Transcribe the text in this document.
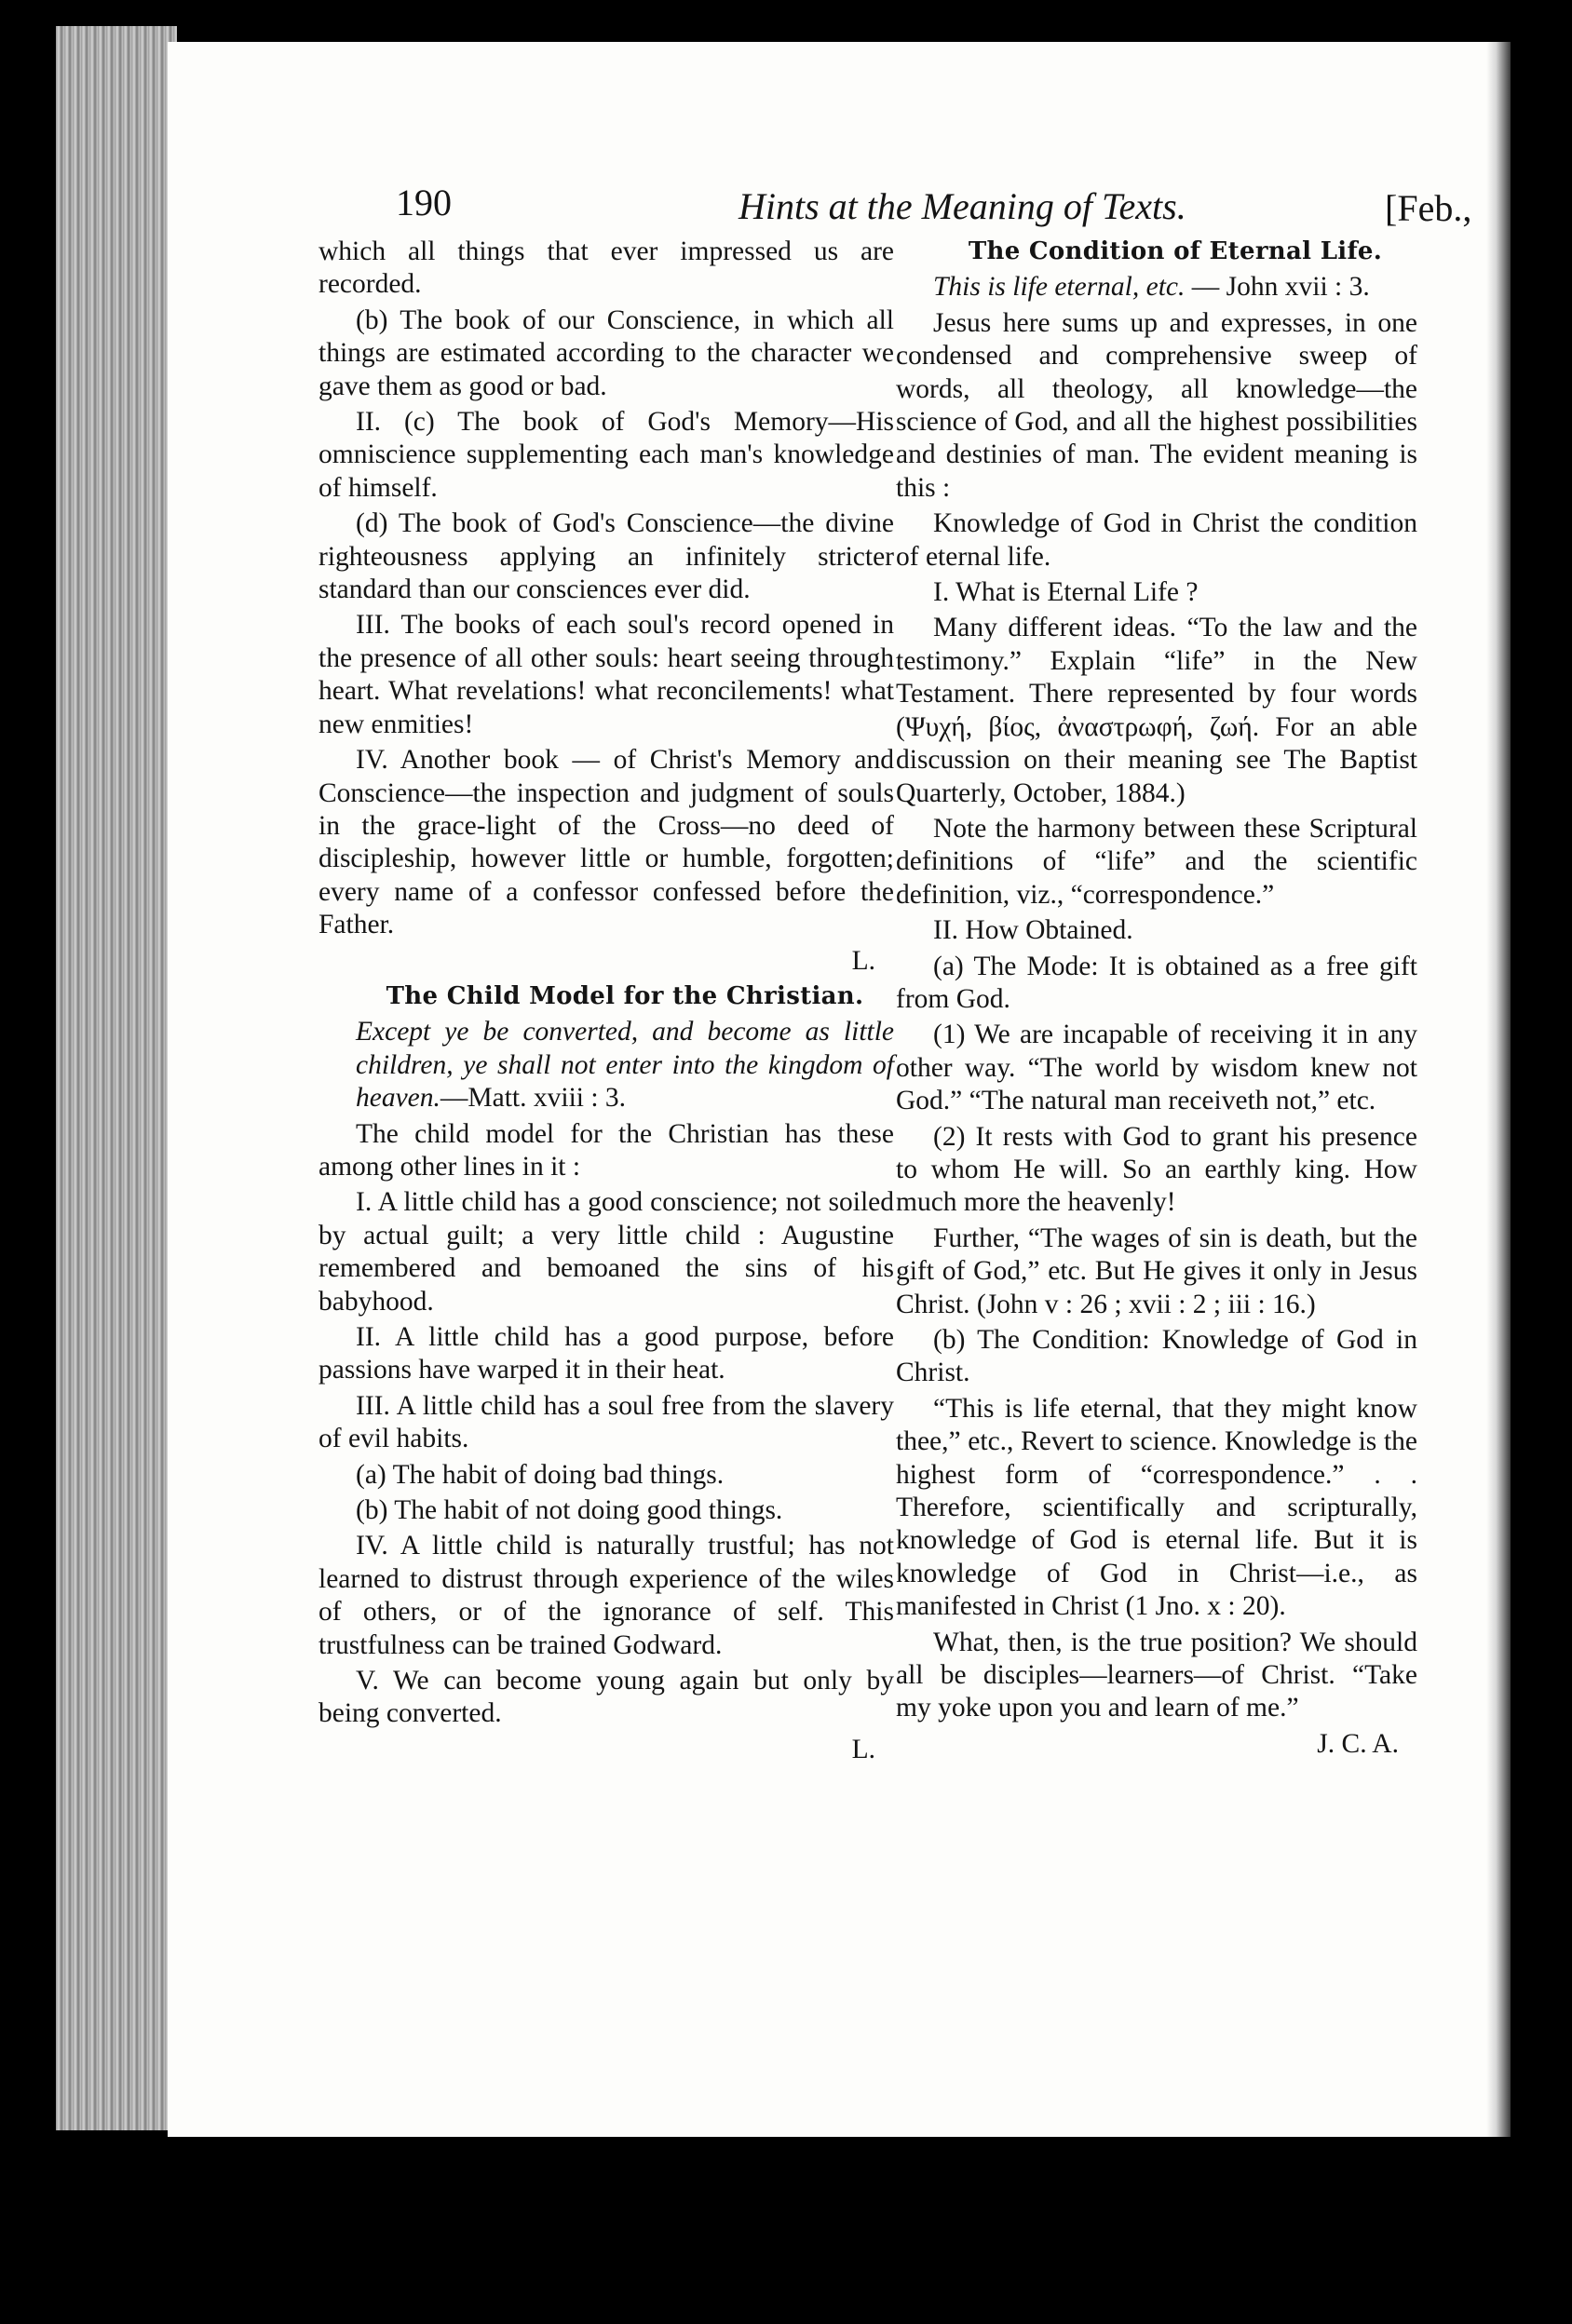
190	Hints at the Meaning of Texts.	[Feb.,

which all things that ever impressed us are recorded.

(b) The book of our Conscience, in which all things are estimated according to the character we gave them as good or bad.

II. (c) The book of God's Memory—His omniscience supplementing each man's knowledge of himself.

(d) The book of God's Conscience—the divine righteousness applying an infinitely stricter standard than our consciences ever did.

III. The books of each soul's record opened in the presence of all other souls: heart seeing through heart. What revelations! what reconcilements! what new enmities!

IV. Another book — of Christ's Memory and Conscience—the inspection and judgment of souls in the grace-light of the Cross—no deed of discipleship, however little or humble, forgotten; every name of a confessor confessed before the Father.

L.

The Child Model for the Christian.

Except ye be converted, and become as little children, ye shall not enter into the kingdom of heaven.—Matt. xviii : 3.

The child model for the Christian has these among other lines in it :

I. A little child has a good conscience; not soiled by actual guilt; a very little child : Augustine remembered and bemoaned the sins of his babyhood.

II. A little child has a good purpose, before passions have warped it in their heat.

III. A little child has a soul free from the slavery of evil habits.

(a) The habit of doing bad things.

(b) The habit of not doing good things.

IV. A little child is naturally trustful; has not learned to distrust through experience of the wiles of others, or of the ignorance of self. This trustfulness can be trained Godward.

V. We can become young again but only by being converted.

L.

The Condition of Eternal Life.

This is life eternal, etc. — John xvii : 3.

Jesus here sums up and expresses, in one condensed and comprehensive sweep of words, all theology, all knowledge—the science of God, and all the highest possibilities and destinies of man. The evident meaning is this :

Knowledge of God in Christ the condition of eternal life.

I. What is Eternal Life ?

Many different ideas. “To the law and the testimony.” Explain “life” in the New Testament. There represented by four words (Ψυχή, βίος, ἀναστρωφή, ζωή. For an able discussion on their meaning see The Baptist Quarterly, October, 1884.)

Note the harmony between these Scriptural definitions of “life” and the scientific definition, viz., “correspondence.”

II. How Obtained.

(a) The Mode: It is obtained as a free gift from God.

(1) We are incapable of receiving it in any other way. “The world by wisdom knew not God.” “The natural man receiveth not,” etc.

(2) It rests with God to grant his presence to whom He will. So an earthly king. How much more the heavenly!

Further, “The wages of sin is death, but the gift of God,” etc. But He gives it only in Jesus Christ. (John v : 26 ; xvii : 2 ; iii : 16.)

(b) The Condition: Knowledge of God in Christ.

“This is life eternal, that they might know thee,” etc., Revert to science. Knowledge is the highest form of “correspondence.” . . Therefore, scientifically and scripturally, knowledge of God is eternal life. But it is knowledge of God in Christ—i.e., as manifested in Christ (1 Jno. x : 20).

What, then, is the true position? We should all be disciples—learners—of Christ. “Take my yoke upon you and learn of me.”

J. C. A.
